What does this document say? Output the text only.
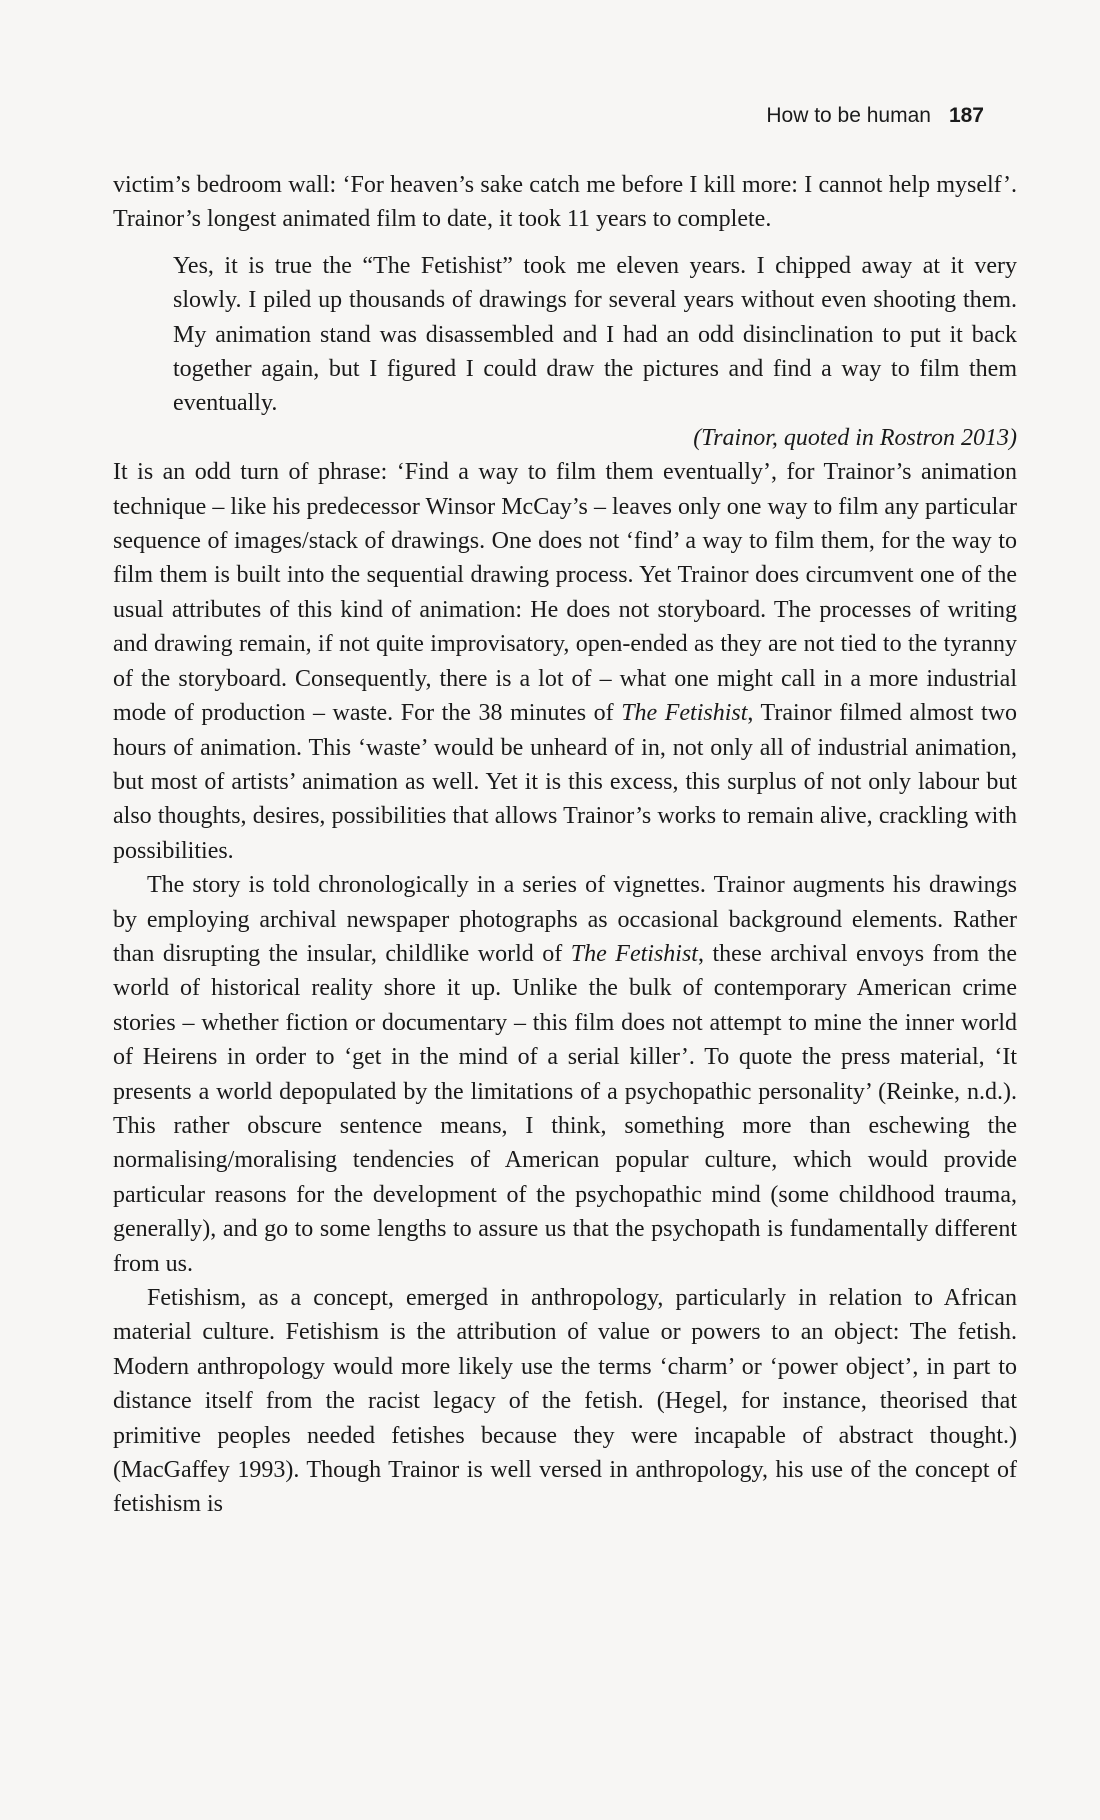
How to be human 187

victim’s bedroom wall: ‘For heaven’s sake catch me before I kill more: I cannot help myself’. Trainor’s longest animated film to date, it took 11 years to complete.

Yes, it is true the “The Fetishist” took me eleven years. I chipped away at it very slowly. I piled up thousands of drawings for several years without even shooting them. My animation stand was disassembled and I had an odd disinclination to put it back together again, but I figured I could draw the pictures and find a way to film them eventually.

(Trainor, quoted in Rostron 2013)

It is an odd turn of phrase: ‘Find a way to film them eventually’, for Trainor’s animation technique – like his predecessor Winsor McCay’s – leaves only one way to film any particular sequence of images/stack of drawings. One does not ‘find’ a way to film them, for the way to film them is built into the sequential drawing process. Yet Trainor does circumvent one of the usual attributes of this kind of animation: He does not storyboard. The processes of writing and drawing remain, if not quite improvisatory, open-ended as they are not tied to the tyranny of the storyboard. Consequently, there is a lot of – what one might call in a more industrial mode of production – waste. For the 38 minutes of The Fetishist, Trainor filmed almost two hours of animation. This ‘waste’ would be unheard of in, not only all of industrial animation, but most of artists’ animation as well. Yet it is this excess, this surplus of not only labour but also thoughts, desires, possibilities that allows Trainor’s works to remain alive, crackling with possibilities.

The story is told chronologically in a series of vignettes. Trainor augments his drawings by employing archival newspaper photographs as occasional background elements. Rather than disrupting the insular, childlike world of The Fetishist, these archival envoys from the world of historical reality shore it up. Unlike the bulk of contemporary American crime stories – whether fiction or documentary – this film does not attempt to mine the inner world of Heirens in order to ‘get in the mind of a serial killer’. To quote the press material, ‘It presents a world depopulated by the limitations of a psychopathic personality’ (Reinke, n.d.). This rather obscure sentence means, I think, something more than eschewing the normalising/moralising tendencies of American popular culture, which would provide particular reasons for the development of the psychopathic mind (some childhood trauma, generally), and go to some lengths to assure us that the psychopath is fundamentally different from us.

Fetishism, as a concept, emerged in anthropology, particularly in relation to African material culture. Fetishism is the attribution of value or powers to an object: The fetish. Modern anthropology would more likely use the terms ‘charm’ or ‘power object’, in part to distance itself from the racist legacy of the fetish. (Hegel, for instance, theorised that primitive peoples needed fetishes because they were incapable of abstract thought.) (MacGaffey 1993). Though Trainor is well versed in anthropology, his use of the concept of fetishism is
